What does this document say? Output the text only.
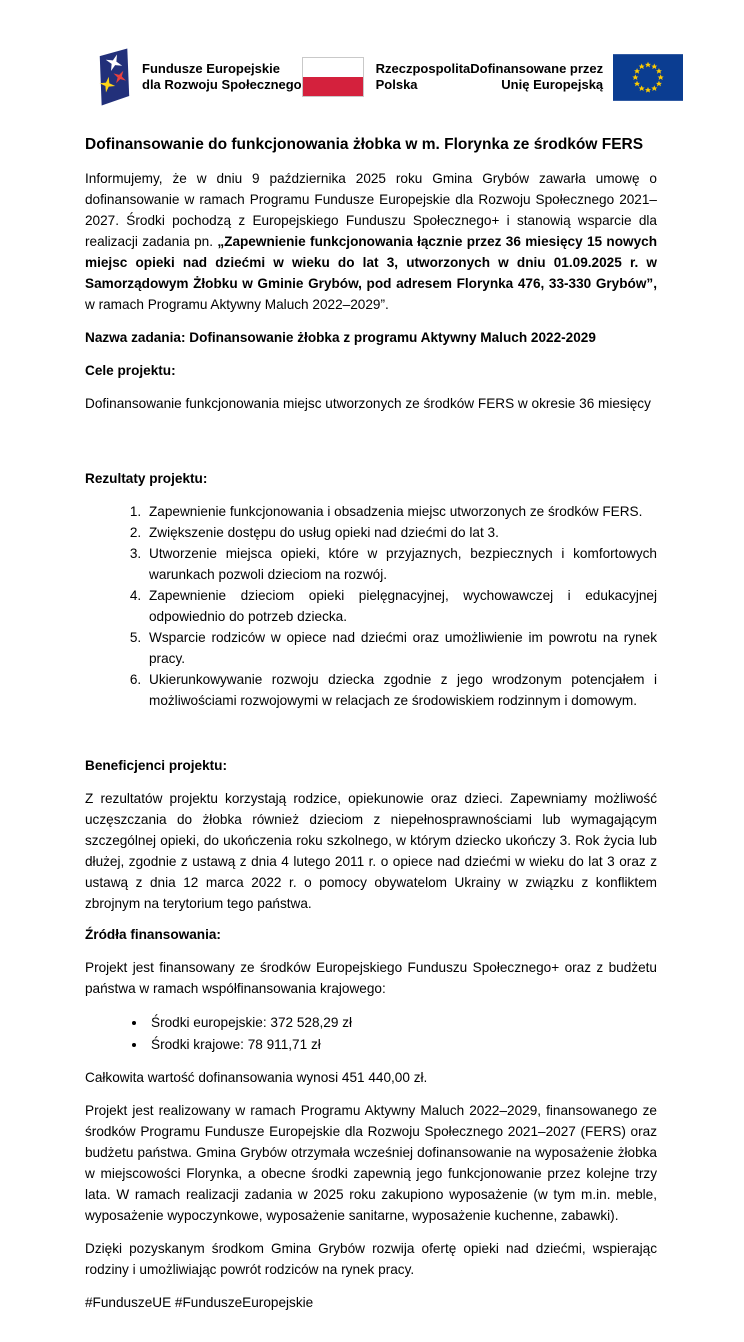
Fundusze Europejskie
dla Rozwoju Społecznego
Rzeczpospolita
Polska
Dofinansowane przez
Unię Europejską
Dofinansowanie do funkcjonowania żłobka w m. Florynka ze środków FERS

Informujemy, że w dniu 9 października 2025 roku Gmina Grybów zawarła umowę o dofinansowanie w ramach Programu Fundusze Europejskie dla Rozwoju Społecznego 2021–2027. Środki pochodzą z Europejskiego Funduszu Społecznego+ i stanowią wsparcie dla realizacji zadania pn. „Zapewnienie funkcjonowania łącznie przez 36 miesięcy 15 nowych miejsc opieki nad dziećmi w wieku do lat 3, utworzonych w dniu 01.09.2025 r. w Samorządowym Żłobku w Gminie Grybów, pod adresem Florynka 476, 33-330 Grybów”, w ramach Programu Aktywny Maluch 2022–2029”.

Nazwa zadania: Dofinansowanie żłobka z programu Aktywny Maluch 2022-2029

Cele projektu:

Dofinansowanie funkcjonowania miejsc utworzonych ze środków FERS w okresie 36 miesięcy

Rezultaty projektu:

1. Zapewnienie funkcjonowania i obsadzenia miejsc utworzonych ze środków FERS.
2. Zwiększenie dostępu do usług opieki nad dziećmi do lat 3.
3. Utworzenie miejsca opieki, które w przyjaznych, bezpiecznych i komfortowych warunkach pozwoli dzieciom na rozwój.
4. Zapewnienie dzieciom opieki pielęgnacyjnej, wychowawczej i edukacyjnej odpowiednio do potrzeb dziecka.
5. Wsparcie rodziców w opiece nad dziećmi oraz umożliwienie im powrotu na rynek pracy.
6. Ukierunkowywanie rozwoju dziecka zgodnie z jego wrodzonym potencjałem i możliwościami rozwojowymi w relacjach ze środowiskiem rodzinnym i domowym.

Beneficjenci projektu:

Z rezultatów projektu korzystają rodzice, opiekunowie oraz dzieci. Zapewniamy możliwość uczęszczania do żłobka również dzieciom z niepełnosprawnościami lub wymagającym szczególnej opieki, do ukończenia roku szkolnego, w którym dziecko ukończy 3. Rok życia lub dłużej, zgodnie z ustawą z dnia 4 lutego 2011 r. o opiece nad dziećmi w wieku do lat 3 oraz z ustawą z dnia 12 marca 2022 r. o pomocy obywatelom Ukrainy w związku z konfliktem zbrojnym na terytorium tego państwa.

Źródła finansowania:

Projekt jest finansowany ze środków Europejskiego Funduszu Społecznego+ oraz z budżetu państwa w ramach współfinansowania krajowego:

• Środki europejskie: 372 528,29 zł
• Środki krajowe: 78 911,71 zł

Całkowita wartość dofinansowania wynosi 451 440,00 zł.

Projekt jest realizowany w ramach Programu Aktywny Maluch 2022–2029, finansowanego ze środków Programu Fundusze Europejskie dla Rozwoju Społecznego 2021–2027 (FERS) oraz budżetu państwa. Gmina Grybów otrzymała wcześniej dofinansowanie na wyposażenie żłobka w miejscowości Florynka, a obecne środki zapewnią jego funkcjonowanie przez kolejne trzy lata. W ramach realizacji zadania w 2025 roku zakupiono wyposażenie (w tym m.in. meble, wyposażenie wypoczynkowe, wyposażenie sanitarne, wyposażenie kuchenne, zabawki).

Dzięki pozyskanym środkom Gmina Grybów rozwija ofertę opieki nad dziećmi, wspierając rodziny i umożliwiając powrót rodziców na rynek pracy.

#FunduszeUE #FunduszeEuropejskie
